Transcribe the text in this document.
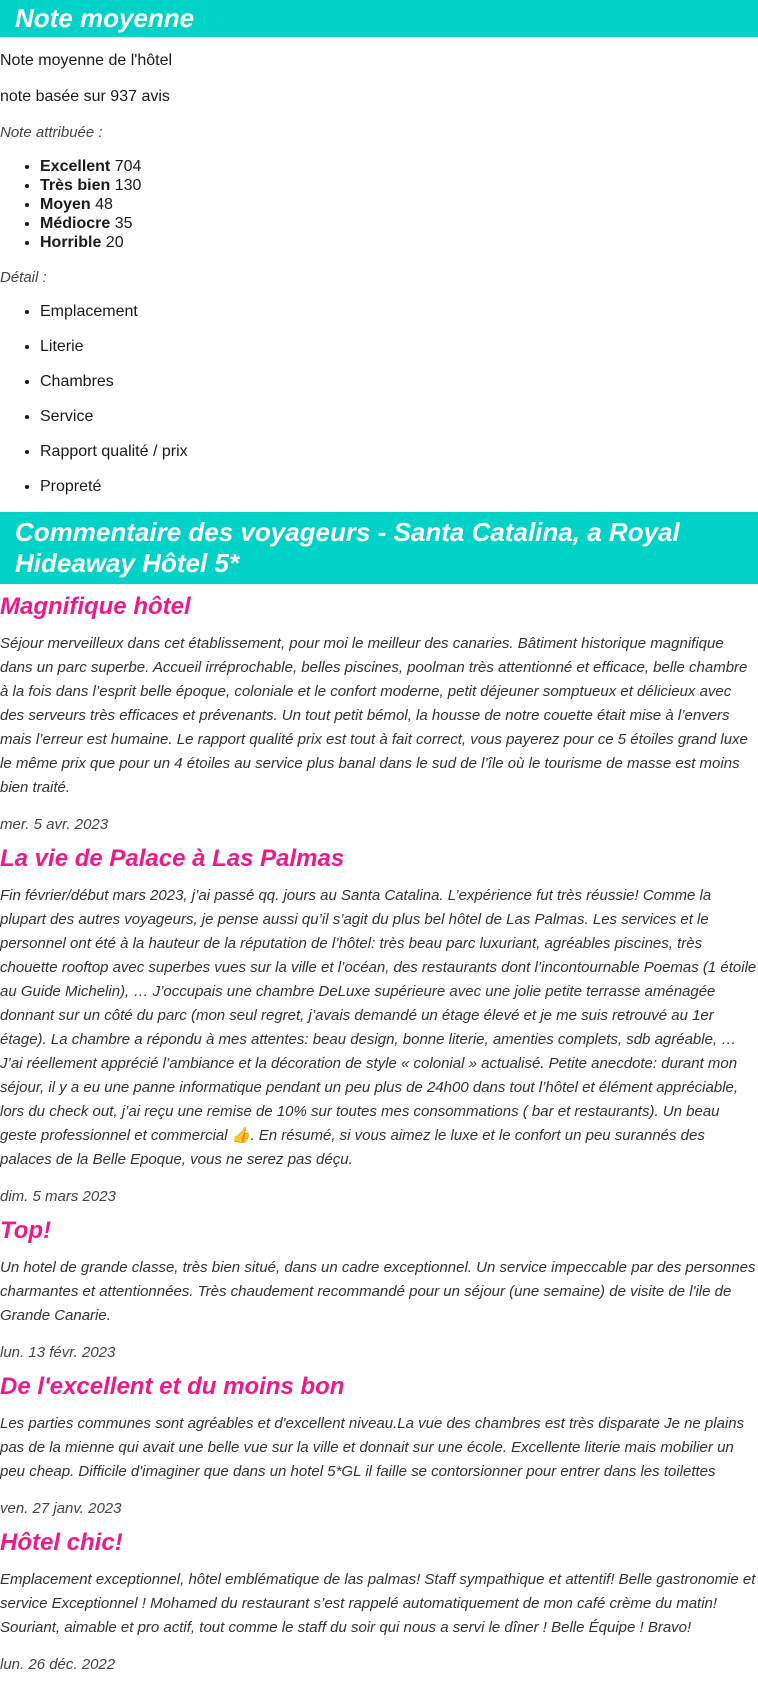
Note moyenne

Note moyenne de l'hôtel

note basée sur 937 avis

Note attribuée :

• Excellent 704
• Très bien 130
• Moyen 48
• Médiocre 35
• Horrible 20

Détail :

• Emplacement
• Literie
• Chambres
• Service
• Rapport qualité / prix
• Propreté
Commentaire des voyageurs - Santa Catalina, a Royal Hideaway Hôtel 5*
Magnifique hôtel

Séjour merveilleux dans cet établissement, pour moi le meilleur des canaries. Bâtiment historique magnifique dans un parc superbe. Accueil irréprochable, belles piscines, poolman très attentionné et efficace, belle chambre à la fois dans l’esprit belle époque, coloniale et le confort moderne, petit déjeuner somptueux et délicieux avec des serveurs très efficaces et prévenants. Un tout petit bémol, la housse de notre couette était mise à l’envers mais l’erreur est humaine. Le rapport qualité prix est tout à fait correct, vous payerez pour ce 5 étoiles grand luxe le même prix que pour un 4 étoiles au service plus banal dans le sud de l’île où le tourisme de masse est moins bien traité.

mer. 5 avr. 2023

La vie de Palace à Las Palmas

Fin février/début mars 2023, j’ai passé qq. jours au Santa Catalina. L’expérience fut très réussie! Comme la plupart des autres voyageurs, je pense aussi qu’il s’agit du plus bel hôtel de Las Palmas. Les services et le personnel ont été à la hauteur de la réputation de l’hôtel: très beau parc luxuriant, agréables piscines, très chouette rooftop avec superbes vues sur la ville et l’océan, des restaurants dont l’incontournable Poemas (1 étoile au Guide Michelin), … J’occupais une chambre DeLuxe supérieure avec une jolie petite terrasse aménagée donnant sur un côté du parc (mon seul regret, j’avais demandé un étage élevé et je me suis retrouvé au 1er étage). La chambre a répondu à mes attentes: beau design, bonne literie, amenties complets, sdb agréable, … J’ai réellement apprécié l’ambiance et la décoration de style « colonial » actualisé. Petite anecdote: durant mon séjour, il y a eu une panne informatique pendant un peu plus de 24h00 dans tout l’hôtel et élément appréciable, lors du check out, j’ai reçu une remise de 10% sur toutes mes consommations ( bar et restaurants). Un beau geste professionnel et commercial 👍. En résumé, si vous aimez le luxe et le confort un peu surannés des palaces de la Belle Epoque, vous ne serez pas déçu.

dim. 5 mars 2023

Top!

Un hotel de grande classe, très bien situé, dans un cadre exceptionnel. Un service impeccable par des personnes charmantes et attentionnées. Très chaudement recommandé pour un séjour (une semaine) de visite de l'ile de Grande Canarie.

lun. 13 févr. 2023

De l'excellent et du moins bon

Les parties communes sont agréables et d'excellent niveau.La vue des chambres est très disparate Je ne plains pas de la mienne qui avait une belle vue sur la ville et donnait sur une école. Excellente literie mais mobilier un peu cheap. Difficile d'imaginer que dans un hotel 5*GL il faille se contorsionner pour entrer dans les toilettes

ven. 27 janv. 2023

Hôtel chic!

Emplacement exceptionnel, hôtel emblématique de las palmas! Staff sympathique et attentif! Belle gastronomie et service Exceptionnel ! Mohamed du restaurant s’est rappelé automatiquement de mon café crème du matin! Souriant, aimable et pro actif, tout comme le staff du soir qui nous a servi le dîner ! Belle Équipe ! Bravo!

lun. 26 déc. 2022
